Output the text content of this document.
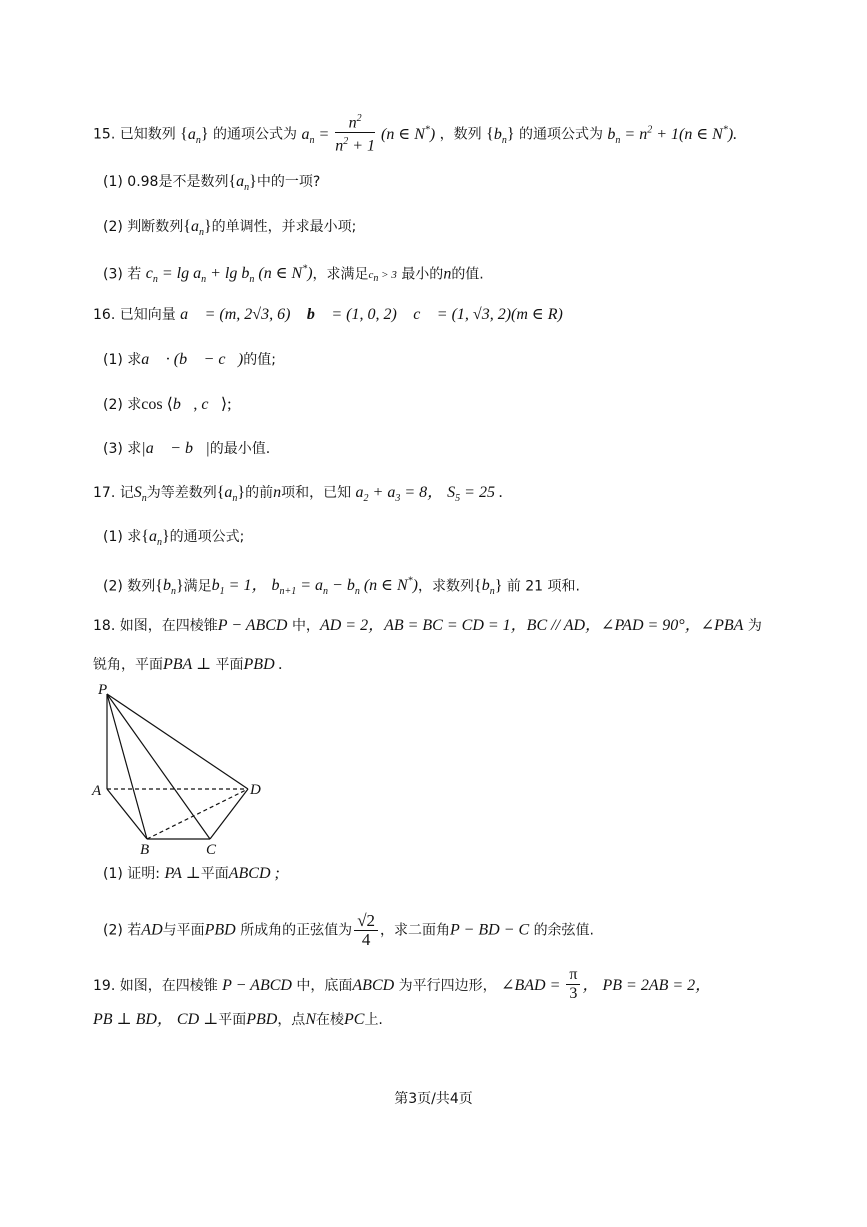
15. 已知数列 $\{a_n\}$ 的通项公式为 $a_n = \frac{n^2}{n^2 + 1} (n$ ∈ N*) ，数列 $\{b_n\}$ 的通项公式为 $b_n = n^2 + 1(n$ ∈ N*).
(1) 0.98是不是数列$\{a_n\}$中的一项?
(2) 判断数列$\{a_n\}$的单调性，并求最小项;
(3) 若 $c_n = \lg a_n + \lg b_n$ (n ∈ N*)，求满足$c_n > 3$ 最小的n的值.
16. 已知向量 a⃗ = (m, 2√3, 6)， b⃗ = (1, 0, 2)， c⃗ = (1, √3, 2)(m ∈ R)
(1) 求a⃗ · (b⃗ − c⃗)的值;
(2) 求cos ⟨b⃗, c⃗⟩;
(3) 求|a⃗ − b⃗|的最小值.
17. 记$S_n$为等差数列$\{a_n\}$的前n项和，已知 $a_2 + a_3 = 8$， $S_5 = 25$ .
(1) 求$\{a_n\}$的通项公式;
(2) 数列$\{b_n\}$满足$b_1 = 1$， $b_{n+1} = a_n - b_n$ (n ∈ N*)，求数列$\{b_n\}$ 前 21 项和.
18. 如图，在四棱锥P − ABCD 中，AD = 2，AB = BC = CD = 1，BC // AD，∠PAD = 90°，∠PBA 为
锐角，平面PBA ⊥ 平面PBD .
P
A
B	C
D
(1) 证明: PA ⊥平面ABCD ;
(2) 若AD与平面PBD 所成角的正弦值为 $\frac{√2}{4}$ ，求二面角P − BD − C 的余弦值.
19. 如图，在四棱锥 P − ABCD 中，底面ABCD 为平行四边形， ∠BAD = $\frac{\pi}{3}$ ， PB = 2AB = 2，
PB ⊥ BD， CD ⊥平面PBD，点N在棱PC上.
第3页/共4页
